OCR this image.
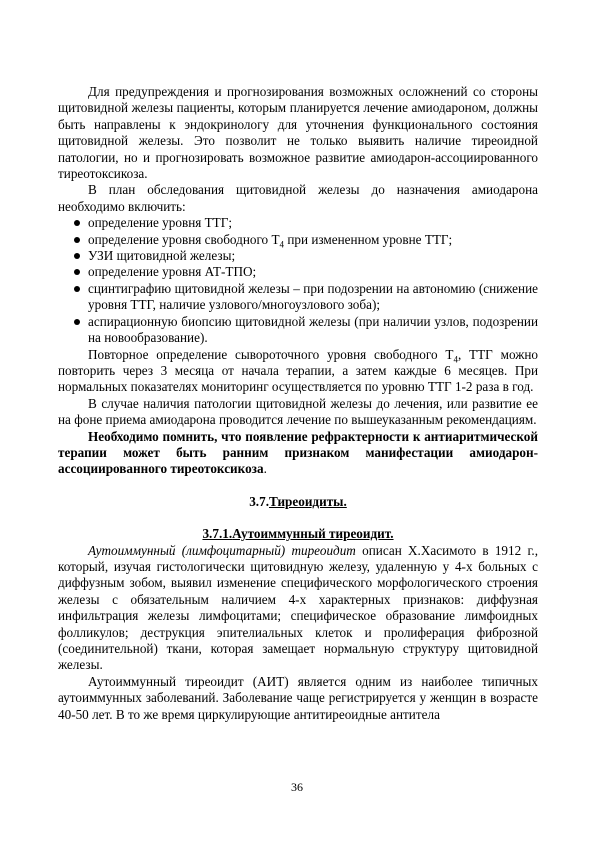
Для предупреждения и прогнозирования возможных осложнений со стороны щитовидной железы пациенты, которым планируется лечение амиодароном, должны быть направлены к эндокринологу для уточнения функционального состояния щитовидной железы. Это позволит не только выявить наличие тиреоидной патологии, но и прогнозировать возможное развитие амиодарон-ассоциированного тиреотоксикоза.

В план обследования щитовидной железы до назначения амиодарона необходимо включить:

определение уровня ТТГ;
определение уровня свободного $Т_4$ при измененном уровне ТТГ;
УЗИ щитовидной железы;
определение уровня АТ-ТПО;
сцинтиграфию щитовидной железы – при подозрении на автономию (снижение уровня ТТГ, наличие узлового/многоузлового зоба);
аспирационную биопсию щитовидной железы (при наличии узлов, подозрении на новообразование).

Повторное определение сывороточного уровня свободного $Т_4$, ТТГ можно повторить через 3 месяца от начала терапии, а затем каждые 6 месяцев. При нормальных показателях мониторинг осуществляется по уровню ТТГ 1-2 раза в год.

В случае наличия патологии щитовидной железы до лечения, или развитие ее на фоне приема амиодарона проводится лечение по вышеуказанным рекомендациям.

Необходимо помнить, что появление рефрактерности к антиаритмической терапии может быть ранним признаком манифестации амиодарон-ассоциированного тиреотоксикоза.

3.7.Тиреоидиты.

3.7.1.Аутоиммунный тиреоидит.

Аутоиммунный (лимфоцитарный) тиреоидит описан Х.Хасимото в 1912 г., который, изучая гистологически щитовидную железу, удаленную у 4-х больных с диффузным зобом, выявил изменение специфического морфологического строения железы с обязательным наличием 4-х характерных признаков: диффузная инфильтрация железы лимфоцитами; специфическое образование лимфоидных фолликулов; деструкция эпителиальных клеток и пролиферация фиброзной (соединительной) ткани, которая замещает нормальную структуру щитовидной железы.

Аутоиммунный тиреоидит (АИТ) является одним из наиболее типичных аутоиммунных заболеваний. Заболевание чаще регистрируется у женщин в возрасте 40-50 лет. В то же время циркулирующие антитиреоидные антитела

36
